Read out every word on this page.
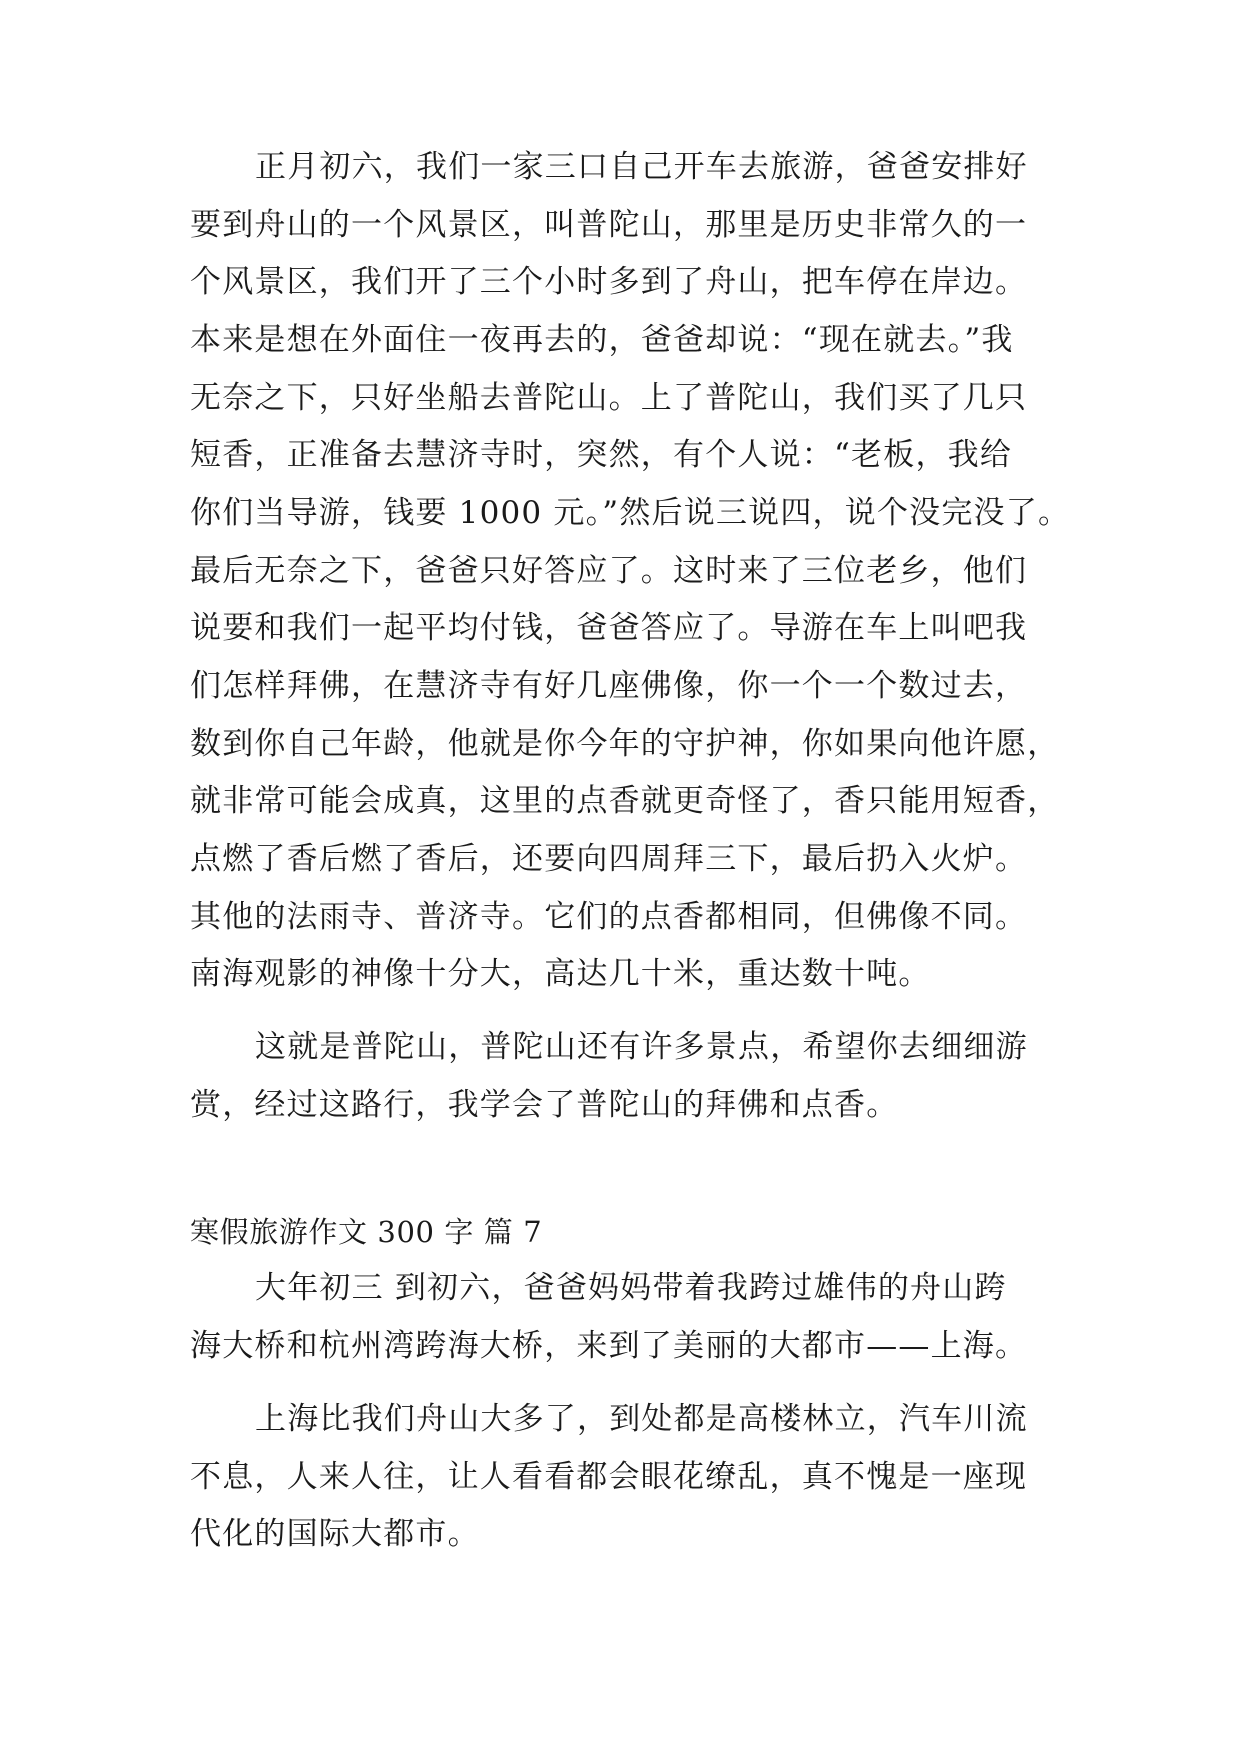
正月初六，我们一家三口自己开车去旅游，爸爸安排好
要到舟山的一个风景区，叫普陀山，那里是历史非常久的一
个风景区，我们开了三个小时多到了舟山，把车停在岸边。
本来是想在外面住一夜再去的，爸爸却说：“现在就去。”我
无奈之下，只好坐船去普陀山。上了普陀山，我们买了几只
短香，正准备去慧济寺时，突然，有个人说：“老板，我给
你们当导游，钱要 1000 元。”然后说三说四，说个没完没了。
最后无奈之下，爸爸只好答应了。这时来了三位老乡，他们
说要和我们一起平均付钱，爸爸答应了。导游在车上叫吧我
们怎样拜佛，在慧济寺有好几座佛像，你一个一个数过去，
数到你自己年龄，他就是你今年的守护神，你如果向他许愿，
就非常可能会成真，这里的点香就更奇怪了，香只能用短香，
点燃了香后燃了香后，还要向四周拜三下，最后扔入火炉。
其他的法雨寺、普济寺。它们的点香都相同，但佛像不同。
南海观影的神像十分大，高达几十米，重达数十吨。
这就是普陀山，普陀山还有许多景点，希望你去细细游
赏，经过这路行，我学会了普陀山的拜佛和点香。
寒假旅游作文 300 字 篇 7
大年初三 到初六，爸爸妈妈带着我跨过雄伟的舟山跨
海大桥和杭州湾跨海大桥，来到了美丽的大都市——上海。
上海比我们舟山大多了，到处都是高楼林立，汽车川流
不息，人来人往，让人看看都会眼花缭乱，真不愧是一座现
代化的国际大都市。
